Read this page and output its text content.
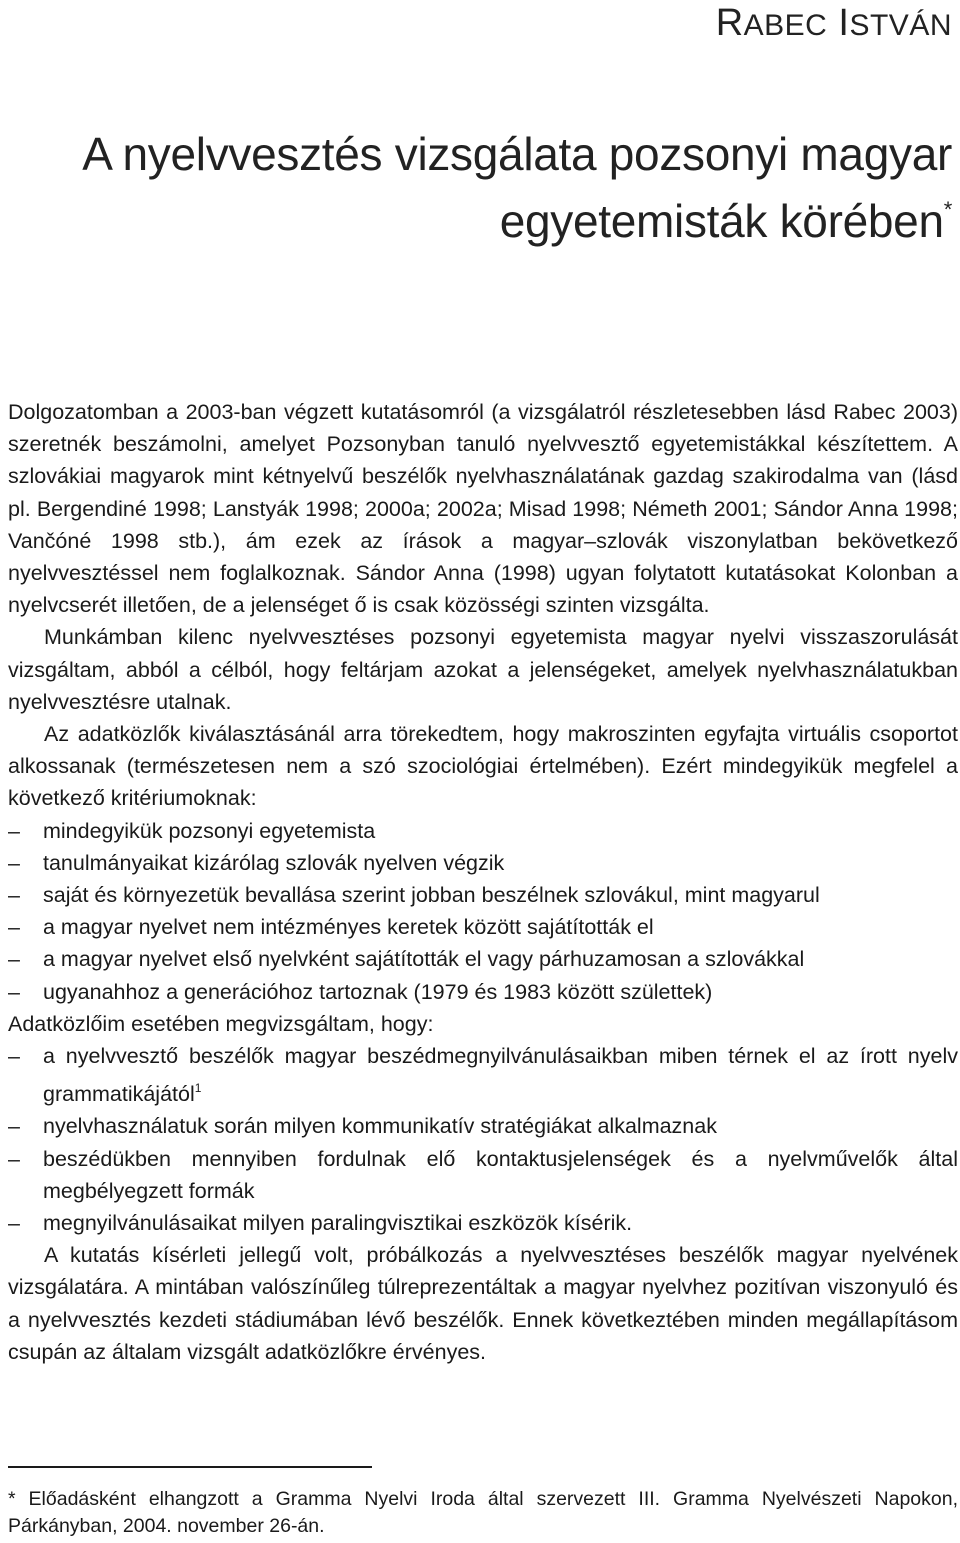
RABEC ISTVÁN
A nyelvvesztés vizsgálata pozsonyi magyar
egyetemisták körében*

Dolgozatomban a 2003-ban végzett kutatásomról (a vizsgálatról részletesebben lásd Rabec 2003) szeretnék beszámolni, amelyet Pozsonyban tanuló nyelvvesztő egyetemistákkal készítettem. A szlovákiai magyarok mint kétnyelvű beszélők nyelvhasználatának gazdag szakirodalma van (lásd pl. Bergendiné 1998; Lanstyák 1998; 2000a; 2002a; Misad 1998; Németh 2001; Sándor Anna 1998; Vančóné 1998 stb.), ám ezek az írások a magyar–szlovák viszonylatban bekövetkező nyelvvesztéssel nem foglalkoznak. Sándor Anna (1998) ugyan folytatott kutatásokat Kolonban a nyelvcserét illetően, de a jelenséget ő is csak közösségi szinten vizsgálta.

Munkámban kilenc nyelvvesztéses pozsonyi egyetemista magyar nyelvi visszaszorulását vizsgáltam, abból a célból, hogy feltárjam azokat a jelenségeket, amelyek nyelvhasználatukban nyelvvesztésre utalnak.

Az adatközlők kiválasztásánál arra törekedtem, hogy makroszinten egyfajta virtuális csoportot alkossanak (természetesen nem a szó szociológiai értelmében). Ezért mindegyikük megfelel a következő kritériumoknak:

– mindegyikük pozsonyi egyetemista
– tanulmányaikat kizárólag szlovák nyelven végzik
– saját és környezetük bevallása szerint jobban beszélnek szlovákul, mint magyarul
– a magyar nyelvet nem intézményes keretek között sajátították el
– a magyar nyelvet első nyelvként sajátították el vagy párhuzamosan a szlovákkal
– ugyanahhoz a generációhoz tartoznak (1979 és 1983 között születtek)

Adatközlőim esetében megvizsgáltam, hogy:

– a nyelvvesztő beszélők magyar beszédmegnyilvánulásaikban miben térnek el az írott nyelv grammatikájától$^1$
– nyelvhasználatuk során milyen kommunikatív stratégiákat alkalmaznak
– beszédükben mennyiben fordulnak elő kontaktusjelenségek és a nyelvművelők által megbélyegzett formák
– megnyilvánulásaikat milyen paralingvisztikai eszközök kísérik.

A kutatás kísérleti jellegű volt, próbálkozás a nyelvvesztéses beszélők magyar nyelvének vizsgálatára. A mintában valószínűleg túlreprezentáltak a magyar nyelvhez pozitívan viszonyuló és a nyelvvesztés kezdeti stádiumában lévő beszélők. Ennek következtében minden megállapításom csupán az általam vizsgált adatközlőkre érvényes.

* Előadásként elhangzott a Gramma Nyelvi Iroda által szervezett III. Gramma Nyelvészeti Napokon, Párkányban, 2004. november 26-án.
